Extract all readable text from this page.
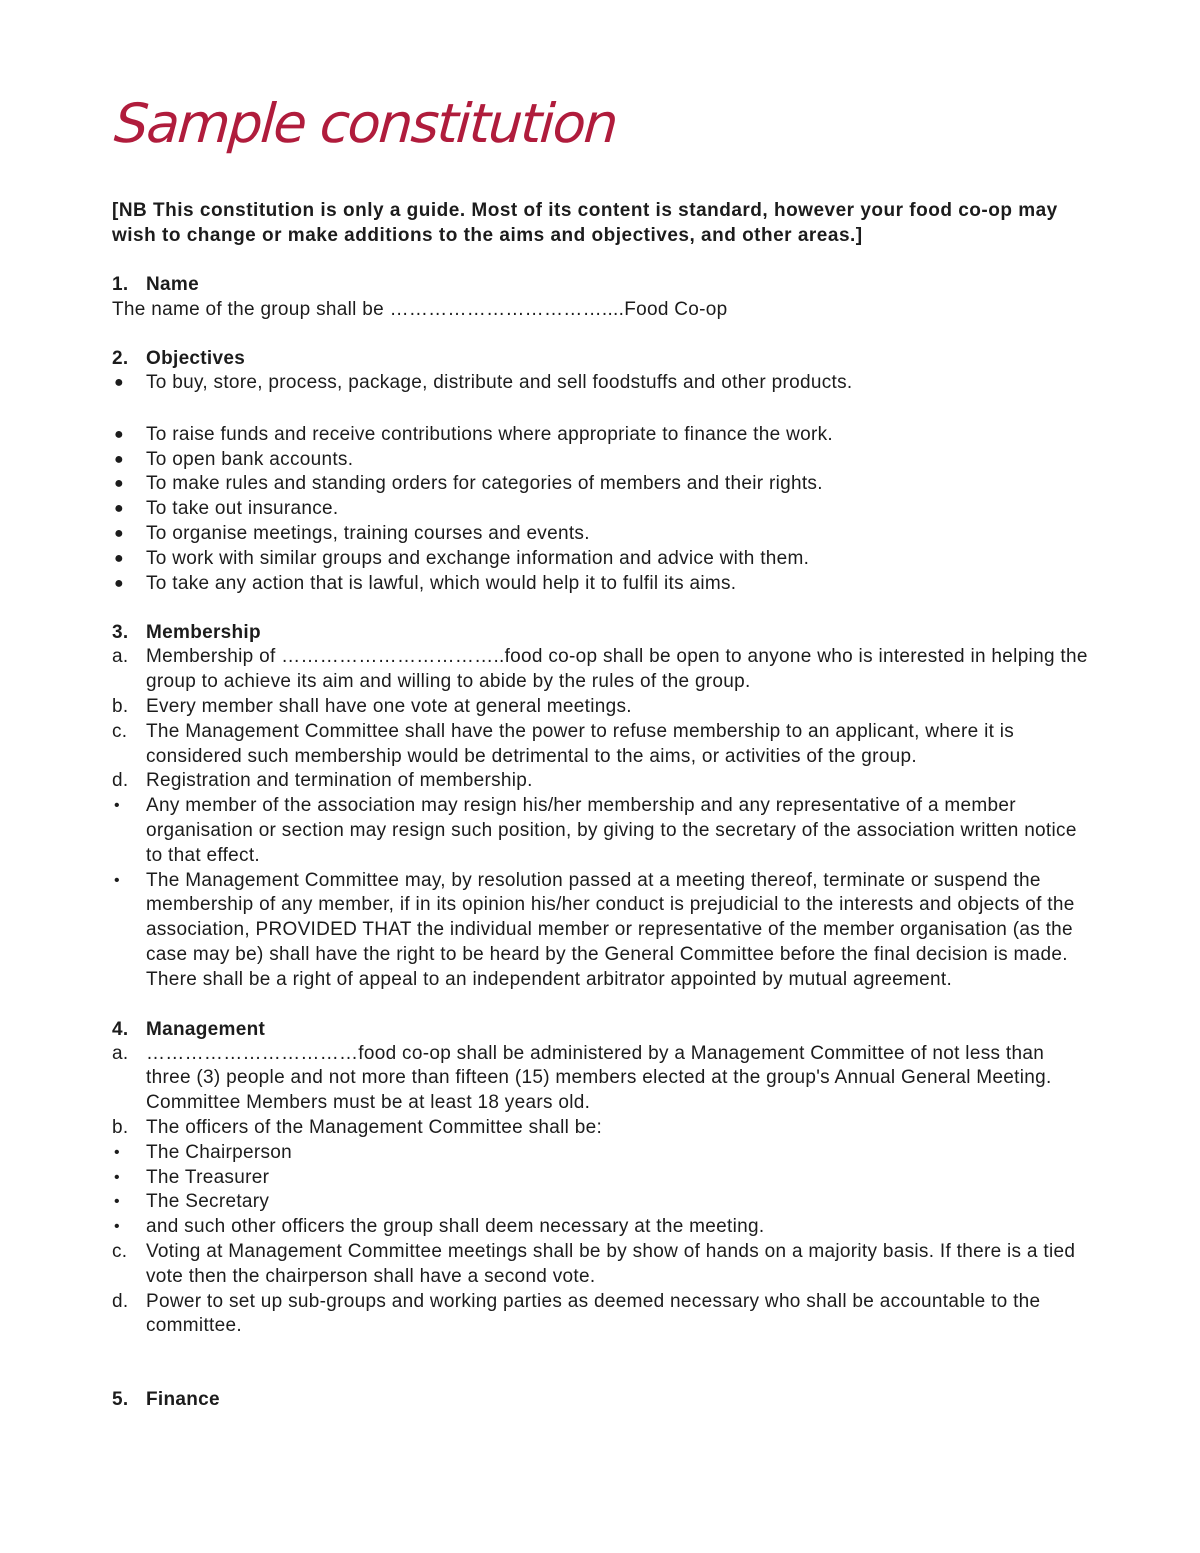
Sample constitution
[NB This constitution is only a guide. Most of its content is standard, however your food co-op may wish to change or make additions to the aims and objectives, and other areas.]
1. Name
The name of the group shall be ……………………………....Food Co-op
2. Objectives
●	To buy, store, process, package, distribute and sell foodstuffs and other products.
●	To raise funds and receive contributions where appropriate to finance the work.
●	To open bank accounts.
●	To make rules and standing orders for categories of members and their rights.
●	To take out insurance.
●	To organise meetings, training courses and events.
●	To work with similar groups and exchange information and advice with them.
●	To take any action that is lawful, which would help it to fulfil its aims.
3. Membership
a. Membership of ……………………………..food co-op shall be open to anyone who is interested in helping the group to achieve its aim and willing to abide by the rules of the group.
b. Every member shall have one vote at general meetings.
c. The Management Committee shall have the power to refuse membership to an applicant, where it is considered such membership would be detrimental to the aims, or activities of the group.
d. Registration and termination of membership.
•	Any member of the association may resign his/her membership and any representative of a member organisation or section may resign such position, by giving to the secretary of the association written notice to that effect.
•	The Management Committee may, by resolution passed at a meeting thereof, terminate or suspend the membership of any member, if in its opinion his/her conduct is prejudicial to the interests and objects of the association, PROVIDED THAT the individual member or representative of the member organisation (as the case may be) shall have the right to be heard by the General Committee before the final decision is made. There shall be a right of appeal to an independent arbitrator appointed by mutual agreement.
4. Management
a. ……………………………food co-op shall be administered by a Management Committee of not less than three (3) people and not more than fifteen (15) members elected at the group's Annual General Meeting. Committee Members must be at least 18 years old.
b. The officers of the Management Committee shall be:
•	The Chairperson
•	The Treasurer
•	The Secretary
•	and such other officers the group shall deem necessary at the meeting.
c. Voting at Management Committee meetings shall be by show of hands on a majority basis. If there is a tied vote then the chairperson shall have a second vote.
d. Power to set up sub-groups and working parties as deemed necessary who shall be accountable to the committee.
5. Finance
